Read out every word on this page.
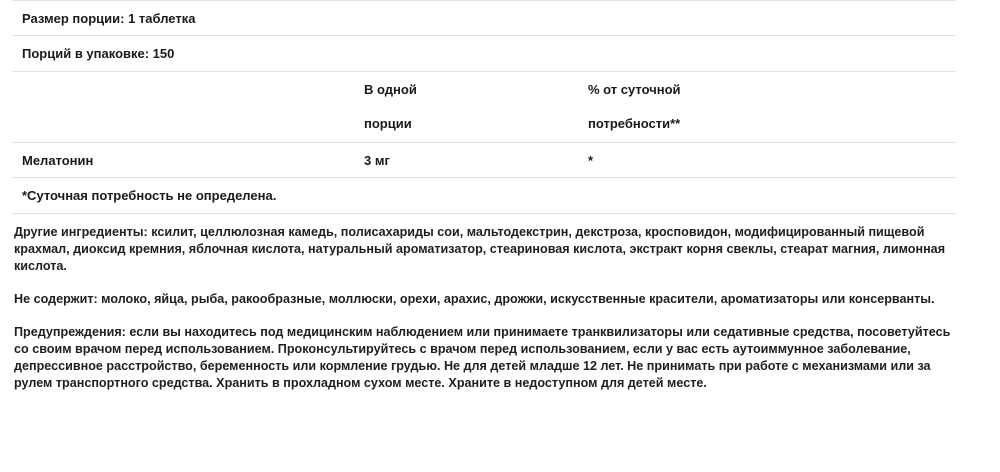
Размер порции: 1 таблетка
Порций в упаковке: 150
В одной
порции
% от суточной
потребности**
Мелатонин	3 мг	*
*Суточная потребность не определена.

Другие ингредиенты: ксилит, целлюлозная камедь, полисахариды сои, мальтодекстрин, декстроза, кросповидон, модифицированный пищевой крахмал, диоксид кремния, яблочная кислота, натуральный ароматизатор, стеариновая кислота, экстракт корня свеклы, стеарат магния, лимонная кислота.

Не содержит: молоко, яйца, рыба, ракообразные, моллюски, орехи, арахис, дрожжи, искусственные красители, ароматизаторы или консерванты.

Предупреждения: если вы находитесь под медицинским наблюдением или принимаете транквилизаторы или седативные средства, посоветуйтесь со своим врачом перед использованием. Проконсультируйтесь с врачом перед использованием, если у вас есть аутоиммунное заболевание, депрессивное расстройство, беременность или кормление грудью. Не для детей младше 12 лет. Не принимать при работе с механизмами или за рулем транспортного средства. Хранить в прохладном сухом месте. Храните в недоступном для детей месте.
